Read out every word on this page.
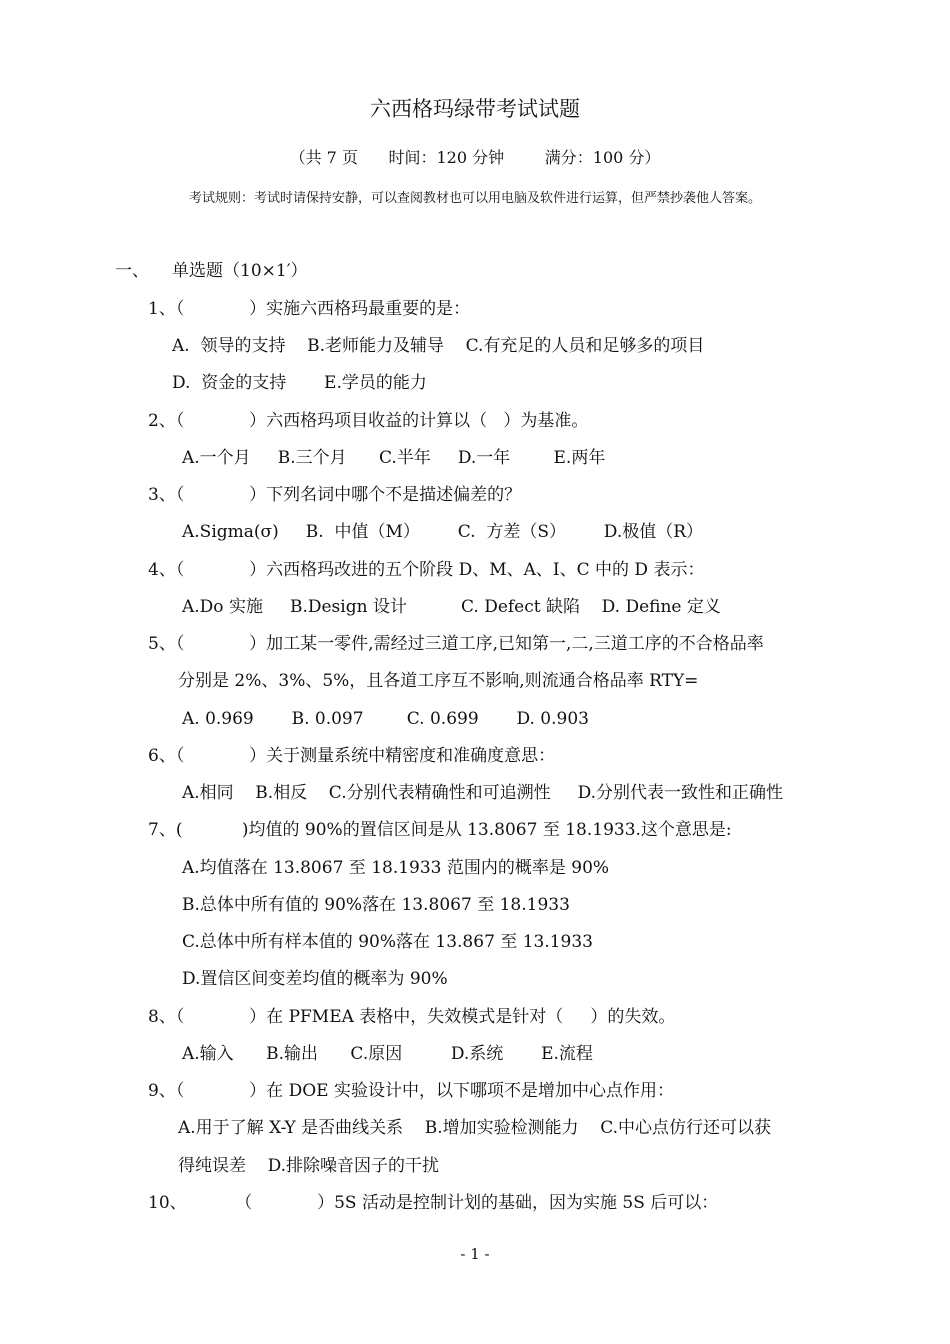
六西格玛绿带考试试题
（共 7 页      时间：120 分钟        满分：100 分）
考试规则：考试时请保持安静，可以查阅教材也可以用电脑及软件进行运算，但严禁抄袭他人答案。
一、 单选题（10×1′）
1、（            ）实施六西格玛最重要的是：
A.  领导的支持    B.老师能力及辅导    C.有充足的人员和足够多的项目
D.  资金的支持       E.学员的能力
2、（            ）六西格玛项目收益的计算以（   ）为基准。
A.一个月     B.三个月      C.半年     D.一年        E.两年
3、（            ）下列名词中哪个不是描述偏差的？
A.Sigma(σ)     B.  中值（M）       C.  方差（S）       D.极值（R）
4、（            ）六西格玛改进的五个阶段 D、M、A、I、C 中的 D 表示：
A.Do 实施     B.Design 设计          C. Defect 缺陷    D. Define 定义
5、（            ）加工某一零件,需经过三道工序,已知第一,二,三道工序的不合格品率
分别是 2%、3%、5%，且各道工序互不影响,则流通合格品率 RTY=
A. 0.969       B. 0.097        C. 0.699       D. 0.903
6、（            ）关于测量系统中精密度和准确度意思：
A.相同    B.相反    C.分别代表精确性和可追溯性     D.分别代表一致性和正确性
7、(           )均值的 90%的置信区间是从 13.8067 至 18.1933.这个意思是:
A.均值落在 13.8067 至 18.1933 范围内的概率是 90%
B.总体中所有值的 90%落在 13.8067 至 18.1933
C.总体中所有样本值的 90%落在 13.867 至 13.1933
D.置信区间变差均值的概率为 90%
8、（            ）在 PFMEA 表格中，失效模式是针对（     ）的失效。
A.输入      B.输出      C.原因         D.系统       E.流程
9、（            ）在 DOE 实验设计中，以下哪项不是增加中心点作用：
A.用于了解 X-Y 是否曲线关系    B.增加实验检测能力    C.中心点仿行还可以获
得纯误差    D.排除噪音因子的干扰
10、         （            ）5S 活动是控制计划的基础，因为实施 5S 后可以：
- 1 -
